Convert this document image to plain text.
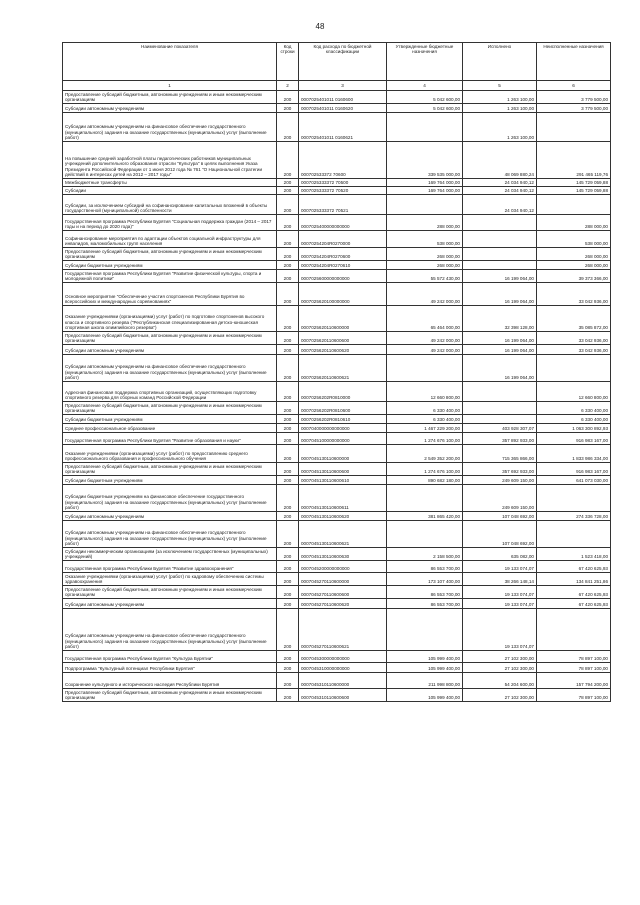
48
Наименование показателя	Код строки	Код расхода по бюджетной классификации	Утвержденные бюджетные назначения	Исполнено	Неисполненные назначения
1	2	3	4	5	6
Предоставление субсидий бюджетным, автономным учреждениям и иным некоммерческим организациям	200	0007025401011 0160600	5 042 600,00	1 263 100,00	3 779 500,00
Субсидии автономным учреждениям	200	0007025401011 0160620	5 042 600,00	1 263 100,00	3 779 500,00
Субсидии автономным учреждениям на финансовое обеспечение государственного (муниципального) задания на оказание государственных (муниципальных) услуг (выполнение работ)	200	0007025401011 0160621		1 263 100,00	
На повышение средней заработной платы педагогических работников муниципальных учреждений дополнительного образования отрасли "Культура" в целях выполнения Указа Президента Российской Федерации от 1 июня 2012 года № 761 "О Национальной стратегии действий в интересах детей на 2012 – 2017 годы"	200	000702533372 70600	339 535 000,00	48 069 880,24	291 465 119,76
Межбюджетные трансферты	200	0007025333372 70500	169 764 000,00	24 034 940,12	145 729 059,88
Субсидии	200	0007025333372 70520	169 764 000,00	24 034 940,12	145 729 059,88
Субсидии, за исключением субсидий на софинансирование капитальных вложений в объекты государственной (муниципальной) собственности	200	0007025333372 70521		24 034 940,12	
Государственная программа Республики Бурятия "Социальная поддержка граждан (2014 – 2017 годы и на период до 2020 года)"	200	0007025400000000000	288 000,00		288 000,00
Софинансирование мероприятия по адаптации объектов социальной инфраструктуры для инвалидов, маломобильных групп населения	200	00070254204R0270000	538 000,00		538 000,00
Предоставление субсидий бюджетным, автономным учреждениям и иным некоммерческим организациям	200	00070254204R0270600	268 000,00		268 000,00
Субсидии бюджетным учреждениям	200	00070254204R0270610	268 000,00		268 000,00
Государственная программа Республики Бурятия "Развитие физической культуры, спорта и молодежной политики"	200	0007025600000000000	55 572 430,00	16 199 064,00	39 373 366,00
Основное мероприятие "Обеспечение участия спортсменов Республики Бурятия во всероссийских и международных соревнованиях"	200	0007025620100000000	49 242 000,00	16 199 064,00	33 042 936,00
Оказание учреждениями (организациями) услуг (работ) по подготовке спортсменов высокого класса и спортивного резерва ("Республиканская специализированная детско-юношеская спортивная школа олимпийского резерва")	200	0007025620110600000	65 464 000,00	32 398 128,00	35 085 872,00
Предоставление субсидий бюджетным, автономным учреждениям и иным некоммерческим организациям	200	0007025620110600600	49 242 000,00	16 199 064,00	33 042 936,00
Субсидии автономным учреждениям	200	0007025620110600620	49 242 000,00	16 199 064,00	33 042 936,00
Субсидии автономным учреждениям на финансовое обеспечение государственного (муниципального) задания на оказание государственных (муниципальных) услуг (выполнение работ)	200	0007025620110600621		16 199 064,00	
Адресная финансовая поддержка спортивных организаций, осуществляющих подготовку спортивного резерва для сборных команд Российской Федерации	200	00070256202R0810000	12 660 800,00		12 660 800,00
Предоставление субсидий бюджетным, автономным учреждениям и иным некоммерческим организациям	200	00070256202R0810600	6 330 400,00		6 330 400,00
Субсидии бюджетным учреждениям	200	00070256202R0810610	6 330 400,00		6 330 400,00
Среднее профессиональное образование	200	0007040000000000000	1 467 229 200,00	403 928 307,07	1 063 300 892,93
Государственная программа Республики Бурятия "Развитие образования и науки"	200	0007045100000000000	1 274 676 100,00	357 892 933,00	916 983 167,00
Оказание учреждениями (организациями) услуг (работ) по предоставлению среднего профессионального образования и профессионального обучения	200	0007045130110600000	2 549 352 200,00	715 365 866,00	1 833 986 334,00
Предоставление субсидий бюджетным, автономным учреждениям и иным некоммерческим организациям	200	0007045130110600600	1 274 676 100,00	357 692 933,00	916 983 167,00
Субсидии бюджетным учреждениям	200	0007045130110600610	890 682 180,00	249 609 150,00	641 073 030,00
Субсидии бюджетным учреждениям на финансовое обеспечение государственного (муниципального) задания на оказание государственных (муниципальных) услуг (выполнение работ)	200	0007045130110600611		249 609 150,00	
Субсидии автономным учреждениям	200	0007045130110600620	381 865 420,00	107 048 692,00	274 336 728,00
Субсидии автономным учреждениям на финансовое обеспечение государственного (муниципального) задания на оказание государственных (муниципальных) услуг (выполнение работ)	200	0007045130110600621		107 048 692,00	
Субсидии некоммерческим организациям (за исключением государственных (муниципальных) учреждений)	200	0007045130110600630	2 158 500,00	635 082,00	1 523 418,00
Государственная программа Республики Бурятия "Развитие здравоохранения"	200	0007045200000000000	86 553 700,00	19 133 074,07	67 420 625,93
Оказание учреждениями (организациями) услуг (работ) по кадровому обеспечению системы здравоохранения	200	0007045270110600000	173 107 400,00	38 266 148,14	134 841 251,86
Предоставление субсидий бюджетным, автономным учреждениям и иным некоммерческим организациям	200	0007045270110600600	86 553 700,00	19 133 074,07	67 420 625,93
Субсидии автономным учреждениям	200	0007045270110600620	86 553 700,00	19 133 074,07	67 420 625,93
Субсидии автономным учреждениям на финансовое обеспечение государственного (муниципального) задания на оказание государственных (муниципальных) услуг (выполнение работ)	200	0007045270110600621		19 133 074,07	
Государственная программа Республики Бурятия "Культура Бурятии"	200	0007045300000000000	105 999 400,00	27 102 300,00	78 897 100,00
Подпрограмма "Культурный потенциал Республики Бурятия"	200	0007045310000000000	105 999 400,00	27 102 300,00	78 897 100,00
Сохранение культурного и исторического наследия Республики Бурятия	200	0007045310110600000	211 998 800,00	54 204 600,00	157 794 200,00
Предоставление субсидий бюджетным, автономным учреждениям и иным некоммерческим организациям	200	0007045310110600600	105 999 400,00	27 102 300,00	78 897 100,00
